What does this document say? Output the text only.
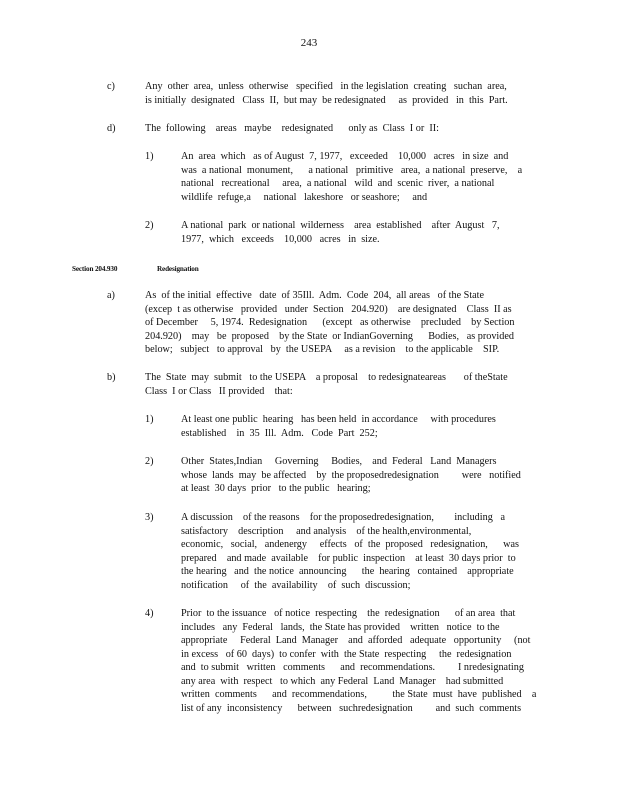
243
c)	Any  other  area,  unless  otherwise   specified   in the legislation  creating   suchan  area,
is initially  designated   Class  II,  but may  be redesignated     as  provided   in  this  Part.
d)	The  following    areas   maybe    redesignated      only as  Class  I or  II:
1)	An  area  which   as of August  7, 1977,   exceeded    10,000   acres   in size  and
was  a national  monument,      a national   primitive   area,  a national  preserve,    a
national   recreational     area,  a national   wild  and  scenic  river,  a national
wildlife  refuge,a     national   lakeshore   or seashore;     and
2)	A national  park  or national  wilderness    area  established    after  August   7,
1977,  which   exceeds    10,000   acres   in  size.
Section 204.930	Redesignation
a)	As  of the initial  effective   date  of 35Ill.  Adm.  Code  204,  all areas   of the State
(excep  t as otherwise   provided   under  Section   204.920)    are designated    Class  II as
of December     5, 1974.  Redesignation      (except   as otherwise    precluded    by Section
204.920)    may   be  proposed    by the State  or IndianGoverning      Bodies,   as provided
below;   subject   to approval   by  the USEPA     as a revision    to the applicable    SIP.
b)	The  State  may  submit   to the USEPA    a proposal    to redesignateareas       of theState
Class  I or Class   II provided    that:
1)	At least one public  hearing   has been held  in accordance     with procedures
established    in  35  Ill.  Adm.   Code  Part  252;
2)	Other  States,Indian     Governing     Bodies,    and  Federal   Land  Managers
whose  lands  may  be affected    by  the proposedredesignation         were   notified
at least  30 days  prior   to the public   hearing;
3)	A discussion    of the reasons    for the proposedredesignation,        including   a
satisfactory    description     and analysis    of the health,environmental,
economic,   social,   andenergy     effects   of  the  proposed   redesignation,      was
prepared    and made  available    for public  inspection    at least  30 days prior  to
the hearing   and  the notice  announcing      the  hearing   contained    appropriate
notification     of  the  availability    of  such  discussion;
4)	Prior  to the issuance   of notice  respecting    the  redesignation      of an area  that
includes   any  Federal   lands,  the State has provided    written   notice  to the
appropriate     Federal  Land  Manager    and  afforded   adequate   opportunity     (not
in excess   of 60  days)  to confer  with  the State  respecting     the  redesignation
and  to submit   written   comments      and  recommendations.         I nredesignating
any area  with  respect   to which  any Federal  Land  Manager    had submitted
written  comments      and  recommendations,          the State  must  have  published    a
list of any  inconsistency      between   suchredesignation         and  such  comments
